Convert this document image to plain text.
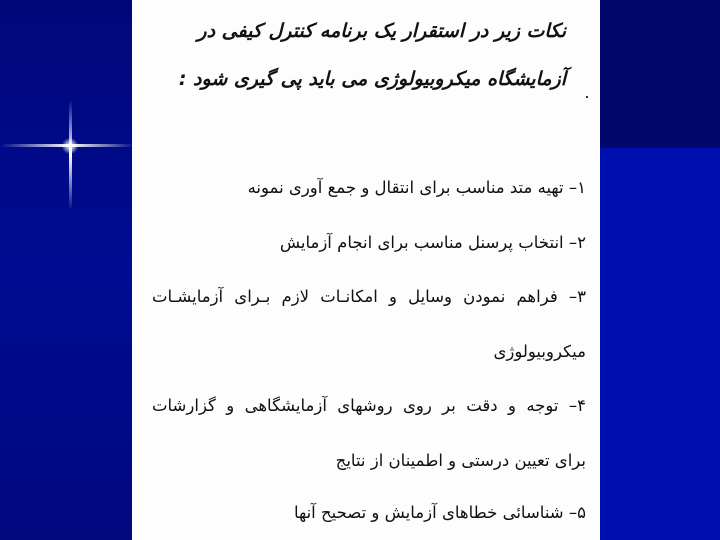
نکات زیر در استقرار یک برنامه کنترل کیفی در
آزمایشگاه میکروبیولوژی می باید پی گیری شود :
۱– تهیه متد مناسب برای انتقال و جمع آوری نمونه
۲– انتخاب پرسنل مناسب برای انجام آزمایش
۳– فراهم نمودن وسایل و امکانـات لازم بـرای آزمایشـات
میکروبیولوژی
۴– توجه و دقت بر روی روشهای آزمایشگاهی و گزارشات
برای تعیین درستی و اطمینان از نتایج
۵– شناسائی خطاهای آزمایش و تصحیح آنها
